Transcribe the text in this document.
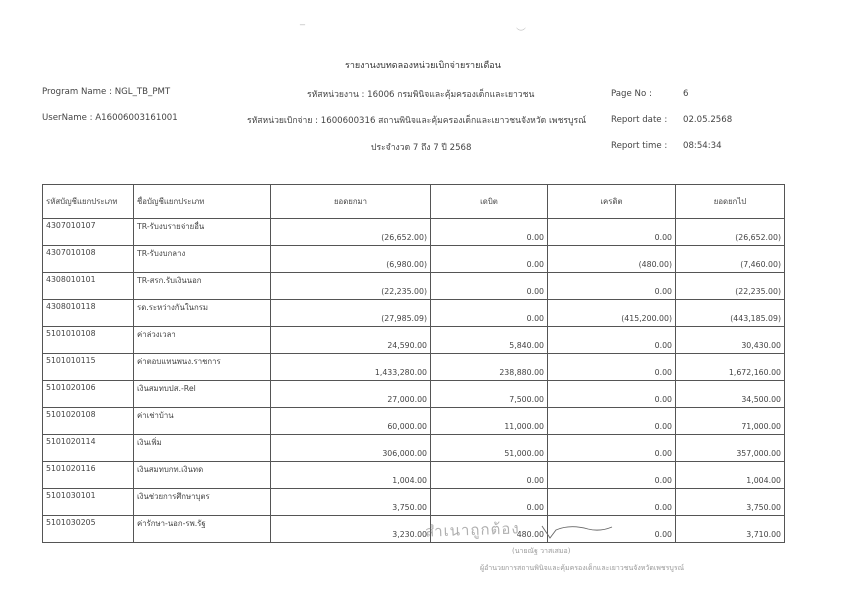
‾	︶
รายงานงบทดลองหน่วยเบิกจ่ายรายเดือน
Program Name : NGL_TB_PMT	รหัสหน่วยงาน : 16006 กรมพินิจและคุ้มครองเด็กและเยาวชน	Page No :	6
UserName : A16006003161001	รหัสหน่วยเบิกจ่าย : 1600600316 สถานพินิจและคุ้มครองเด็กและเยาวชนจังหวัด เพชรบูรณ์	Report date : 02.05.2568
ประจำงวด 7 ถึง 7 ปี 2568	Report time : 08:54:34
รหัสบัญชีแยกประเภท	ชื่อบัญชีแยกประเภท	ยอดยกมา	เดบิต	เครดิต	ยอดยกไป
4307010107	TR-รับงบรายจ่ายอื่น	(26,652.00)	0.00	0.00	(26,652.00)
4307010108	TR-รับงบกลาง	(6,980.00)	0.00	(480.00)	(7,460.00)
4308010101	TR-สรก.รับเงินนอก	(22,235.00)	0.00	0.00	(22,235.00)
4308010118	รด.ระหว่างกันในกรม	(27,985.09)	0.00	(415,200.00)	(443,185.09)
5101010108	ค่าล่วงเวลา	24,590.00	5,840.00	0.00	30,430.00
5101010115	ค่าตอบแทนพนง.ราชการ	1,433,280.00	238,880.00	0.00	1,672,160.00
5101020106	เงินสมทบปส.-Rel	27,000.00	7,500.00	0.00	34,500.00
5101020108	ค่าเช่าบ้าน	60,000.00	11,000.00	0.00	71,000.00
5101020114	เงินเพิ่ม	306,000.00	51,000.00	0.00	357,000.00
5101020116	เงินสมทบกท.เงินทด	1,004.00	0.00	0.00	1,004.00
5101030101	เงินช่วยการศึกษาบุตร	3,750.00	0.00	0.00	3,750.00
5101030205	ค่ารักษา-นอก-รพ.รัฐ	3,230.00	480.00	0.00	3,710.00
สำเนาถูกต้อง
(นายณัฐ วาสเสมอ)
ผู้อำนวยการสถานพินิจและคุ้มครองเด็กและเยาวชนจังหวัดเพชรบูรณ์
